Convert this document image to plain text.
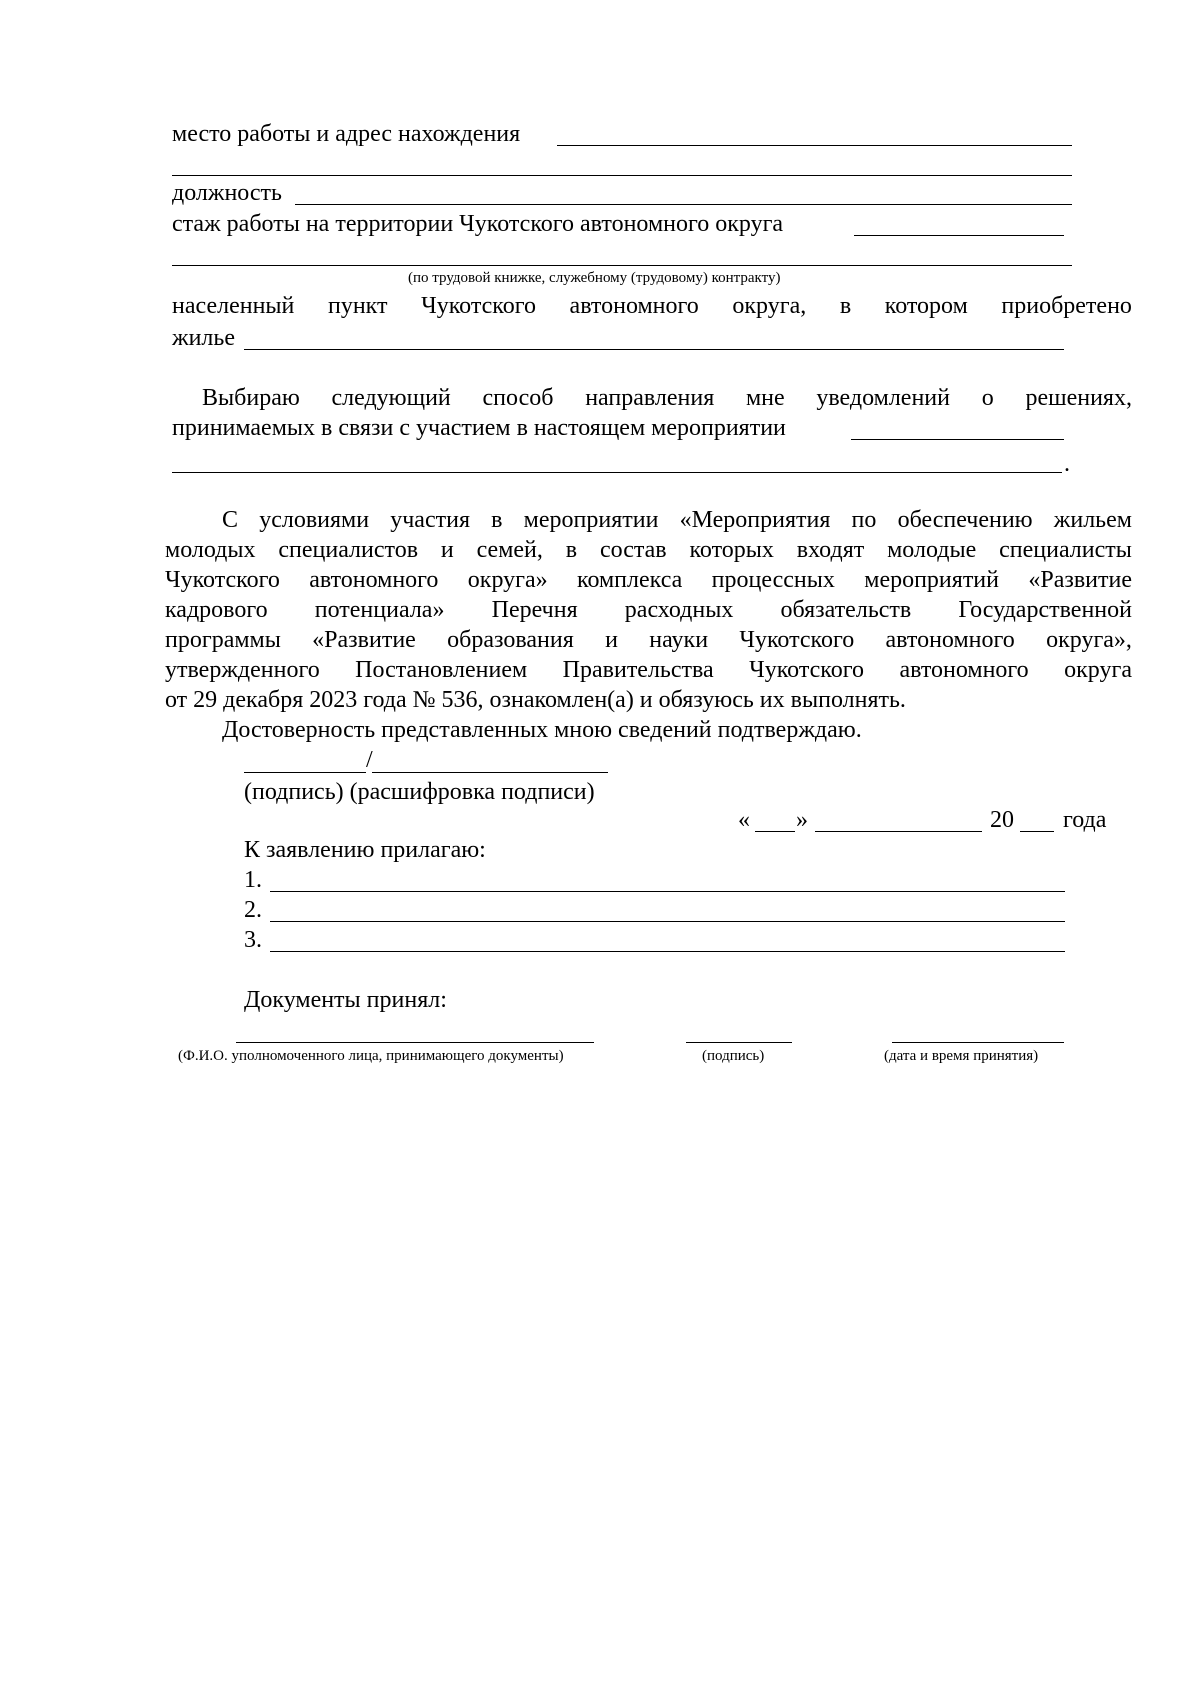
место работы и адрес нахождения
должность
стаж работы на территории Чукотского автономного округа
(по трудовой книжке, служебному (трудовому) контракту)
населенный пункт Чукотского автономного округа, в котором приобретено
жилье
Выбираю следующий способ направления мне уведомлений о решениях,
принимаемых в связи с участием в настоящем мероприятии
.
С условиями участия в мероприятии «Мероприятия по обеспечению жильем
молодых специалистов и семей, в состав которых входят молодые специалисты
Чукотского автономного округа» комплекса процессных мероприятий «Развитие
кадрового потенциала» Перечня расходных обязательств Государственной
программы «Развитие образования и науки Чукотского автономного округа»,
утвержденного Постановлением Правительства Чукотского автономного округа
от 29 декабря 2023 года № 536, ознакомлен(а) и обязуюсь их выполнять.
Достоверность представленных мною сведений подтверждаю.
/
(подпись) (расшифровка подписи)
« »	20 года
К заявлению прилагаю:
1.
2.
3.
Документы принял:
(Ф.И.О. уполномоченного лица, принимающего документы)	(подпись)	(дата и время принятия)
